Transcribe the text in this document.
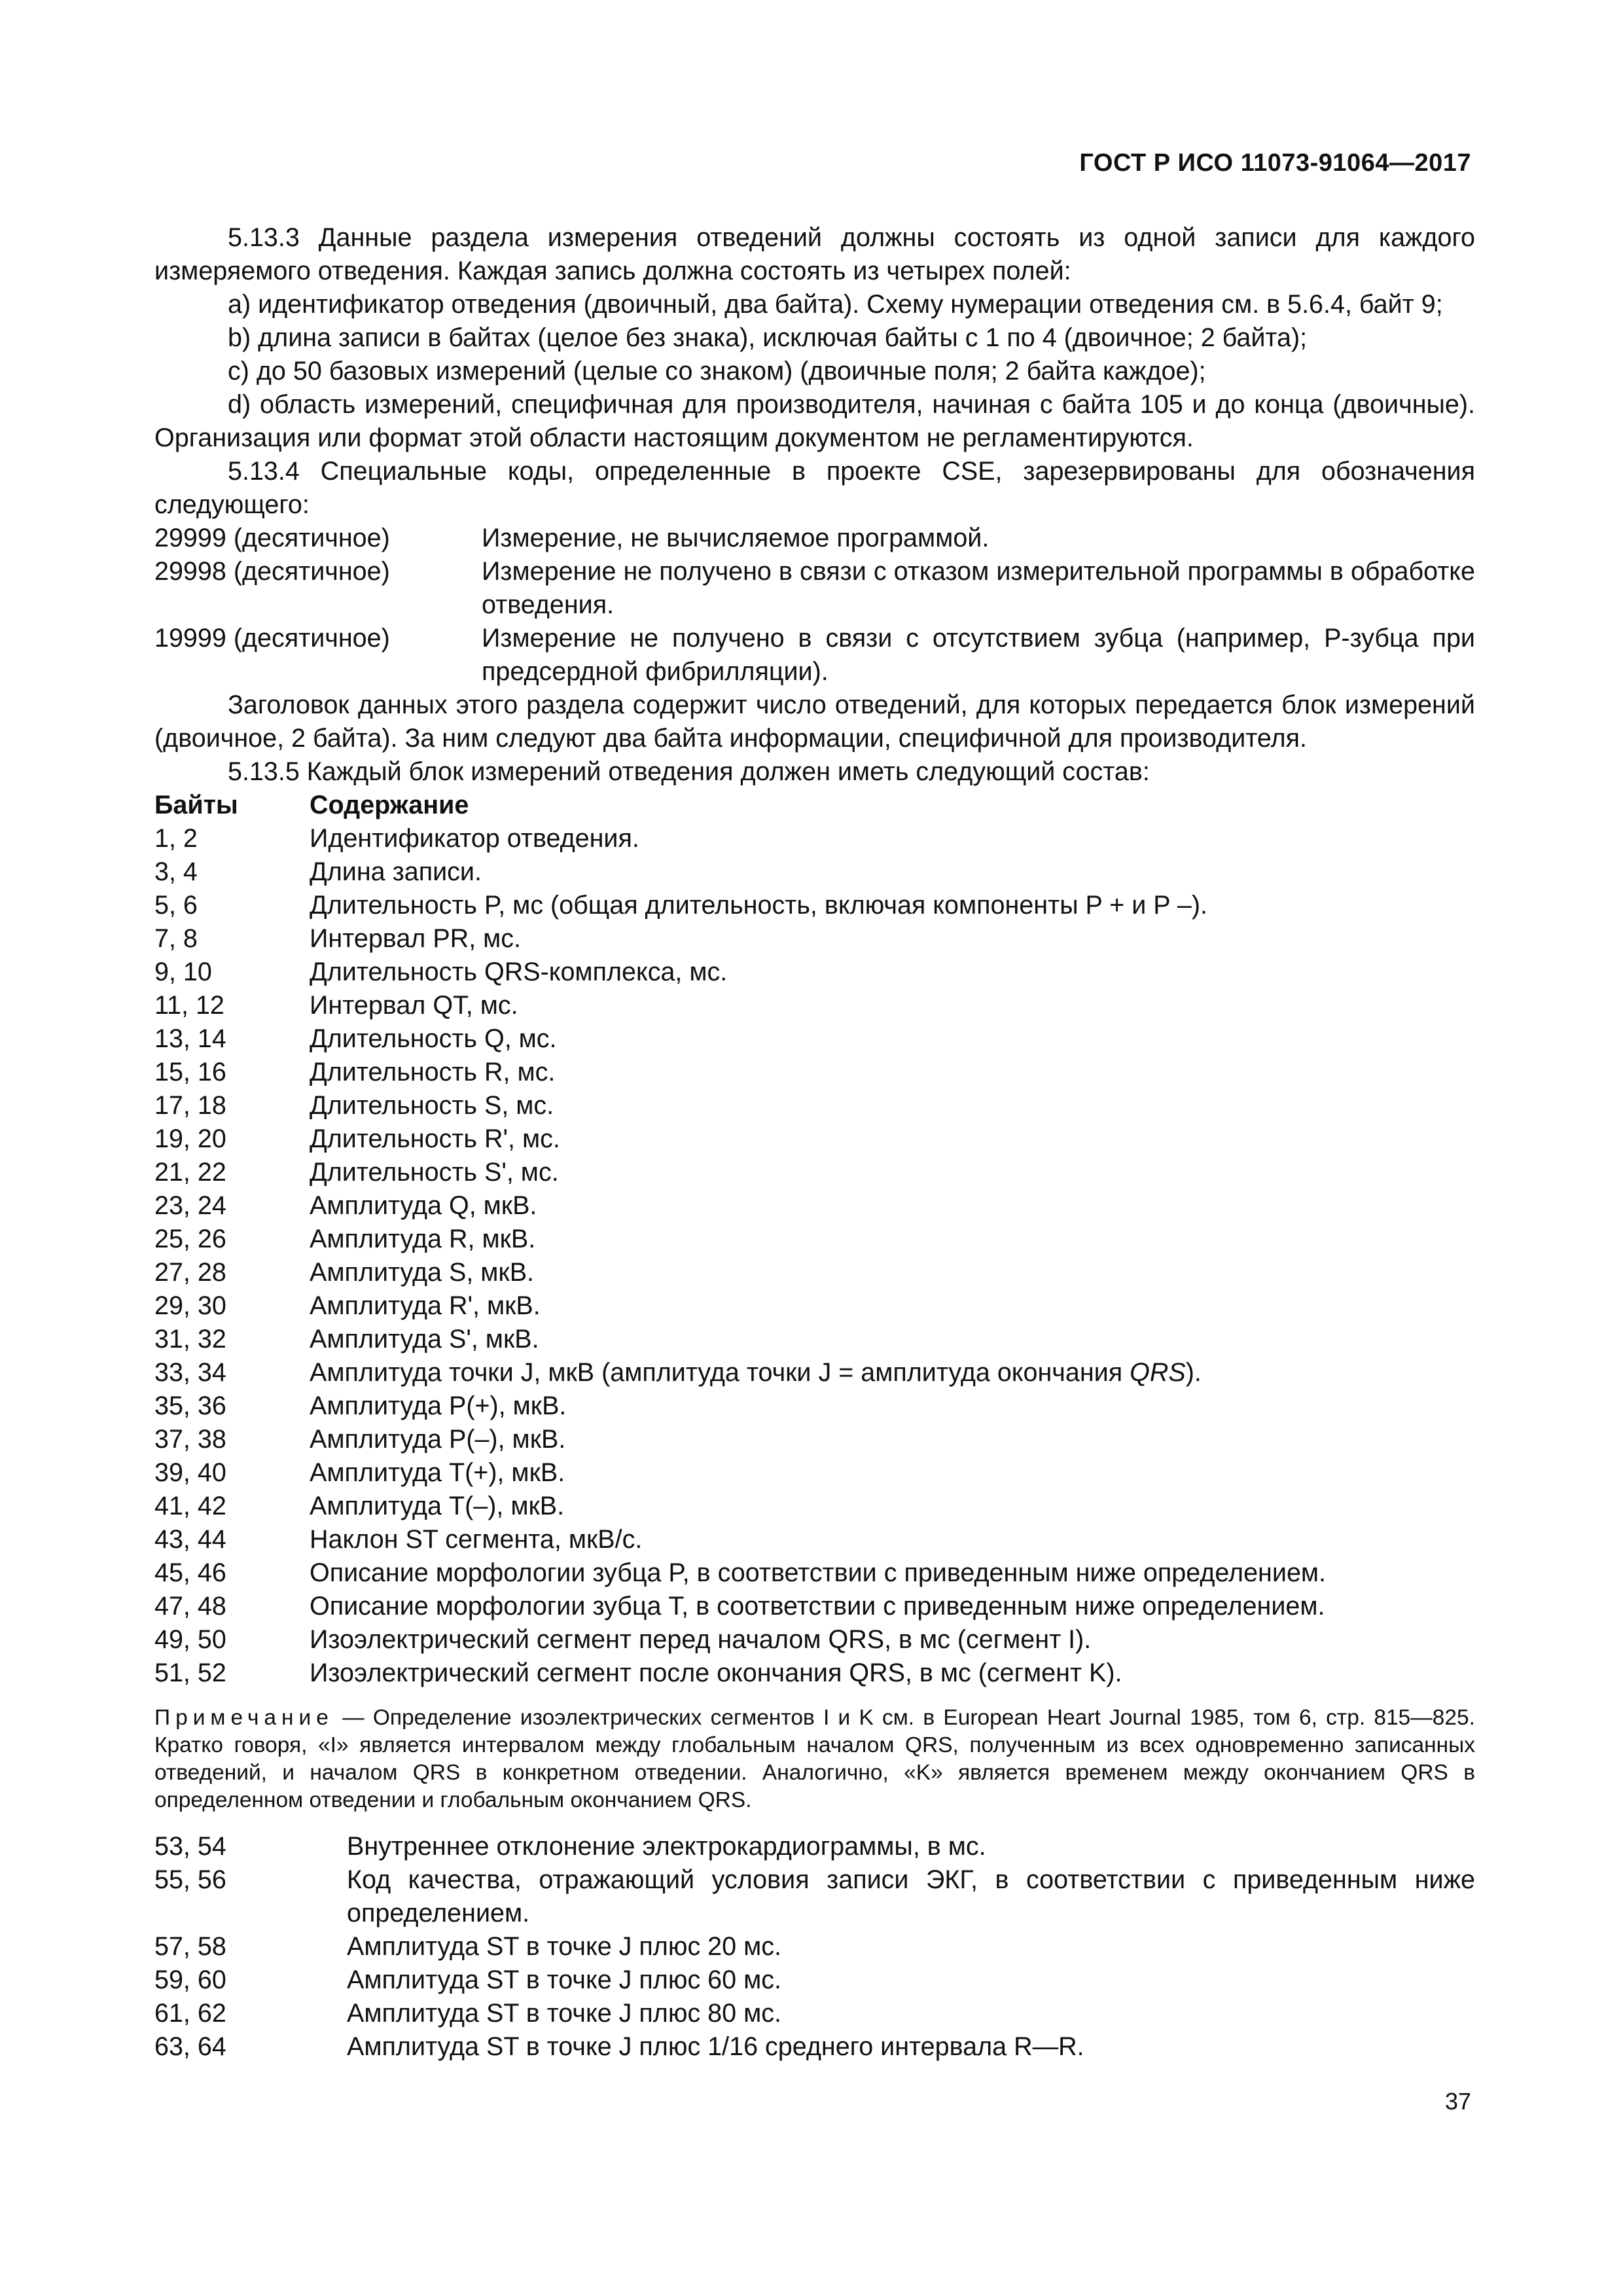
ГОСТ Р ИСО 11073-91064—2017

5.13.3 Данные раздела измерения отведений должны состоять из одной записи для каждого измеряемого отведения. Каждая запись должна состоять из четырех полей:

a) идентификатор отведения (двоичный, два байта). Схему нумерации отведения см. в 5.6.4, байт 9;

b) длина записи в байтах (целое без знака), исключая байты с 1 по 4 (двоичное; 2 байта);

c) до 50 базовых измерений (целые со знаком) (двоичные поля; 2 байта каждое);

d) область измерений, специфичная для производителя, начиная с байта 105 и до конца (двоичные). Организация или формат этой области настоящим документом не регламентируются.

5.13.4 Специальные коды, определенные в проекте CSE, зарезервированы для обозначения следующего:

29999 (десятичное)	Измерение, не вычисляемое программой.
29998 (десятичное)	Измерение не получено в связи с отказом измерительной программы в обработке отведения.
19999 (десятичное)	Измерение не получено в связи с отсутствием зубца (например, P-зубца при предсердной фибрилляции).

Заголовок данных этого раздела содержит число отведений, для которых передается блок измерений (двоичное, 2 байта). За ним следуют два байта информации, специфичной для производителя.

5.13.5 Каждый блок измерений отведения должен иметь следующий состав:

Байты	Содержание
1, 2	Идентификатор отведения.
3, 4	Длина записи.
5, 6	Длительность P, мс (общая длительность, включая компоненты P + и P –).
7, 8	Интервал PR, мс.
9, 10	Длительность QRS-комплекса, мс.
11, 12	Интервал QT, мс.
13, 14	Длительность Q, мс.
15, 16	Длительность R, мс.
17, 18	Длительность S, мс.
19, 20	Длительность R', мс.
21, 22	Длительность S', мс.
23, 24	Амплитуда Q, мкВ.
25, 26	Амплитуда R, мкВ.
27, 28	Амплитуда S, мкВ.
29, 30	Амплитуда R', мкВ.
31, 32	Амплитуда S', мкВ.
33, 34	Амплитуда точки J, мкВ (амплитуда точки J = амплитуда окончания QRS).
35, 36	Амплитуда P(+), мкВ.
37, 38	Амплитуда P(–), мкВ.
39, 40	Амплитуда T(+), мкВ.
41, 42	Амплитуда T(–), мкВ.
43, 44	Наклон ST сегмента, мкВ/с.
45, 46	Описание морфологии зубца P, в соответствии с приведенным ниже определением.
47, 48	Описание морфологии зубца T, в соответствии с приведенным ниже определением.
49, 50	Изоэлектрический сегмент перед началом QRS, в мс (сегмент I).
51, 52	Изоэлектрический сегмент после окончания QRS, в мс (сегмент K).

Примечание — Определение изоэлектрических сегментов I и K см. в European Heart Journal 1985, том 6, стр. 815—825. Кратко говоря, «I» является интервалом между глобальным началом QRS, полученным из всех одновременно записанных отведений, и началом QRS в конкретном отведении. Аналогично, «K» является временем между окончанием QRS в определенном отведении и глобальным окончанием QRS.

53, 54	Внутреннее отклонение электрокардиограммы, в мс.
55, 56	Код качества, отражающий условия записи ЭКГ, в соответствии с приведенным ниже определением.
57, 58	Амплитуда ST в точке J плюс 20 мс.
59, 60	Амплитуда ST в точке J плюс 60 мс.
61, 62	Амплитуда ST в точке J плюс 80 мс.
63, 64	Амплитуда ST в точке J плюс 1/16 среднего интервала R—R.
37
